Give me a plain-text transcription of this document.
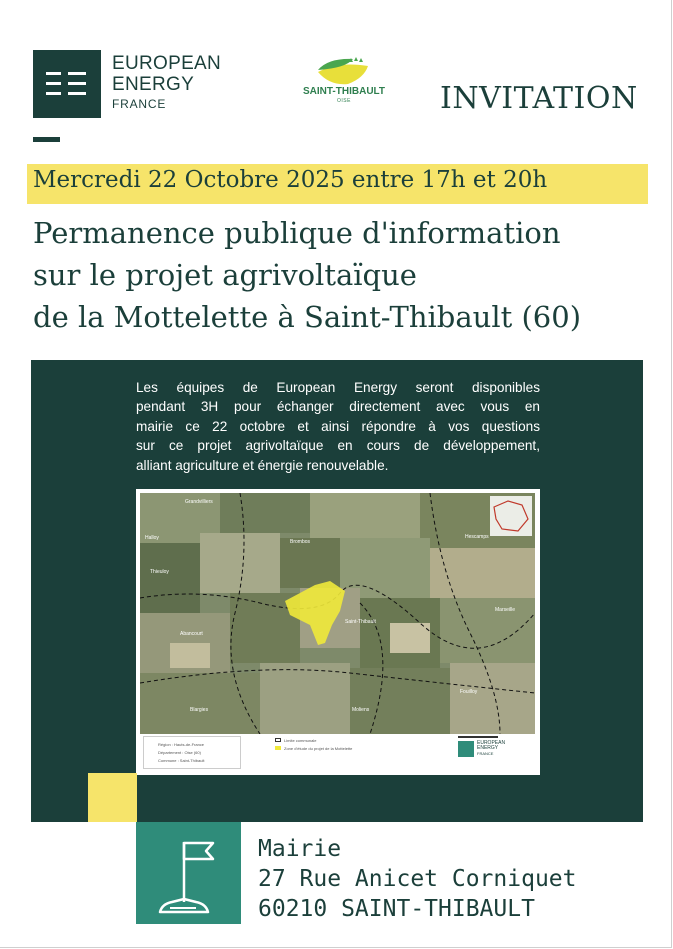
EUROPEAN
ENERGY
FRANCE
SAINT-THIBAULT
OISE	INVITATION
Mercredi 22 Octobre 2025 entre 17h et 20h
Permanence publique d'information
sur le projet agrivoltaïque
de la Mottelette à Saint-Thibault (60)
Les équipes de European Energy seront disponibles
pendant 3H pour échanger directement avec vous en
mairie ce 22 octobre et ainsi répondre à vos questions
sur ce projet agrivoltaïque en cours de développement,
alliant agriculture et énergie renouvelable.
Grandvilliers
Halloy
Brombos
Hescamps
Saint-Thibault
Abancourt
Marseille
Moliens
Blargies
Thieuloy
Fouilloy
Région : Hauts-de-France
Département : Oise (60)
Commune : Saint-Thibault
Limite communale
Zone d'étude du projet de la Mottelette
EUROPEAN
ENERGY
FRANCE
Mairie
27 Rue Anicet Corniquet
60210 SAINT-THIBAULT
